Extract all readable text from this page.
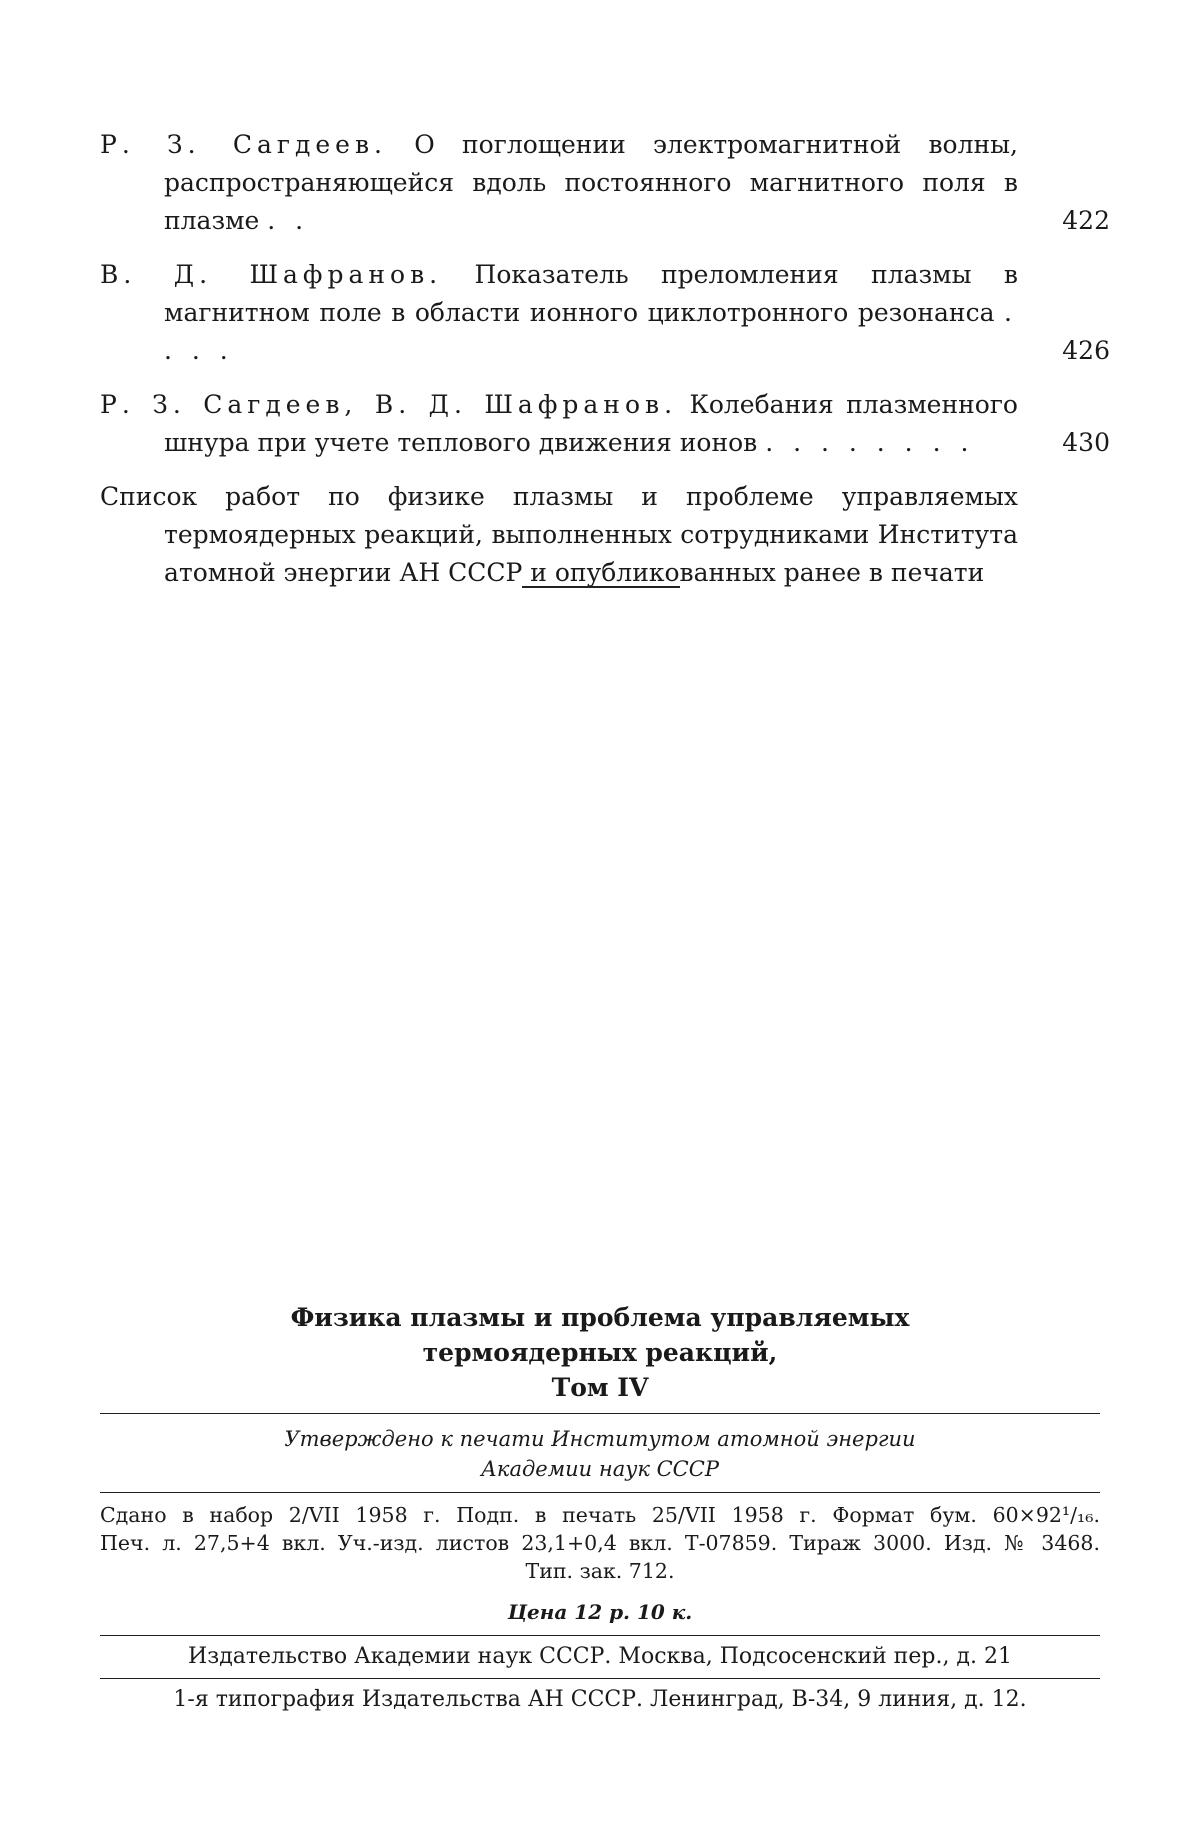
Р. З. Сагдеев. О поглощении электромагнитной волны, распространяющейся вдоль постоянного магнитного поля в плазме . .	422
В. Д. Шафранов. Показатель преломления плазмы в магнитном поле в области ионного циклотронного резонанса . . . .	426
Р. З. Сагдеев, В. Д. Шафранов. Колебания плазменного шнура при учете теплового движения ионов . . . . . . . .	430
Список работ по физике плазмы и проблеме управляемых термоядерных реакций, выполненных сотрудниками Института атомной энергии АН СССР и опубликованных ранее в печати
Физика плазмы и проблема управляемых
термоядерных реакций,
Том IV
Утверждено к печати Институтом атомной энергии
Академии наук СССР
Сдано в набор 2/VII 1958 г. Подп. в печать 25/VII 1958 г. Формат бум. 60×92¹/₁₆.
Печ. л. 27,5+4 вкл. Уч.-изд. листов 23,1+0,4 вкл. Т-07859. Тираж 3000. Изд. № 3468.
Тип. зак. 712.
Цена 12 р. 10 к.
Издательство Академии наук СССР. Москва, Подсосенский пер., д. 21
1-я типография Издательства АН СССР. Ленинград, В-34, 9 линия, д. 12.
